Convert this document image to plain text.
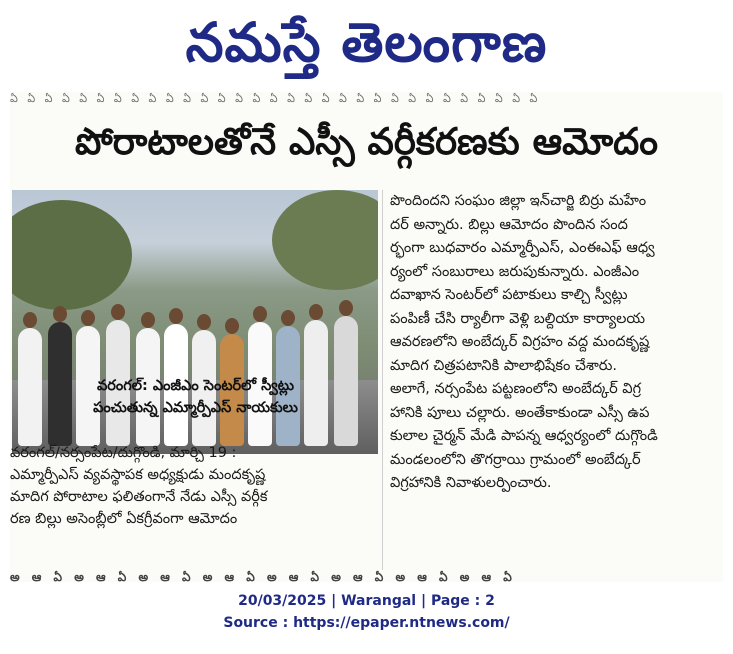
నమస్తే తెలంగాణ
ఏ ఏ ఏ ఏ ఏ ఏ ఏ ఏ ఏ ఏ ఏ ఏ ఏ ఏ ఏ ఏ ఏ ఏ ఏ ఏ ఏ ఏ ఏ ఏ ఏ ఏ ఏ ఏ ఏ ఏ ఏ
పోరాటాలతోనే ఎస్సీ వర్గీకరణకు ఆమోదం
వరంగల్: ఎంజీఎం సెంటర్‌లో స్వీట్లు
పంచుతున్న ఎమ్మార్పీఎస్ నాయకులు
వరంగల్/నర్సంపేట/దుగ్గొండి, మార్చి 19 :
ఎమ్మార్పీఎస్ వ్యవస్థాపక అధ్యక్షుడు మందకృష్ణ
మాదిగ పోరాటాల ఫలితంగానే నేడు ఎస్సీ వర్గీక
రణ బిల్లు అసెంబ్లీలో ఏకగ్రీవంగా ఆమోదం
పొందిందని సంఘం జిల్లా ఇన్‌చార్జి బిర్రు మహేం
దర్ అన్నారు. బిల్లు ఆమోదం పొందిన సంద
ర్భంగా బుధవారం ఎమ్మార్పీఎస్, ఎంఈఎఫ్ ఆధ్వ
ర్యంలో సంబురాలు జరుపుకున్నారు. ఎంజీఎం
దవాఖాన సెంటర్‌లో పటాకులు కాల్చి స్వీట్లు
పంపిణీ చేసి ర్యాలీగా వెళ్లి బల్దియా కార్యాలయ
ఆవరణలోని అంబేద్కర్ విగ్రహం వద్ద మందకృష్ణ
మాదిగ చిత్రపటానికి పాలాభిషేకం చేశారు.
అలాగే, నర్సంపేట పట్టణంలోని అంబేద్కర్ విగ్ర
హానికి పూలు చల్లారు. అంతేకాకుండా ఎస్సీ ఉప
కులాల చైర్మన్ మేడి పాపన్న ఆధ్వర్యంలో దుగ్గొండి
మండలంలోని తొగర్రాయి గ్రామంలో అంబేద్కర్
విగ్రహానికి నివాళులర్పించారు.
అ ఆ ఏ అ ఆ ఏ అ ఆ ఏ అ ఆ ఏ అ ఆ ఏ అ ఆ ఏ అ ఆ ఏ అ ఆ ఏ
20/03/2025 | Warangal | Page : 2
Source : https://epaper.ntnews.com/
